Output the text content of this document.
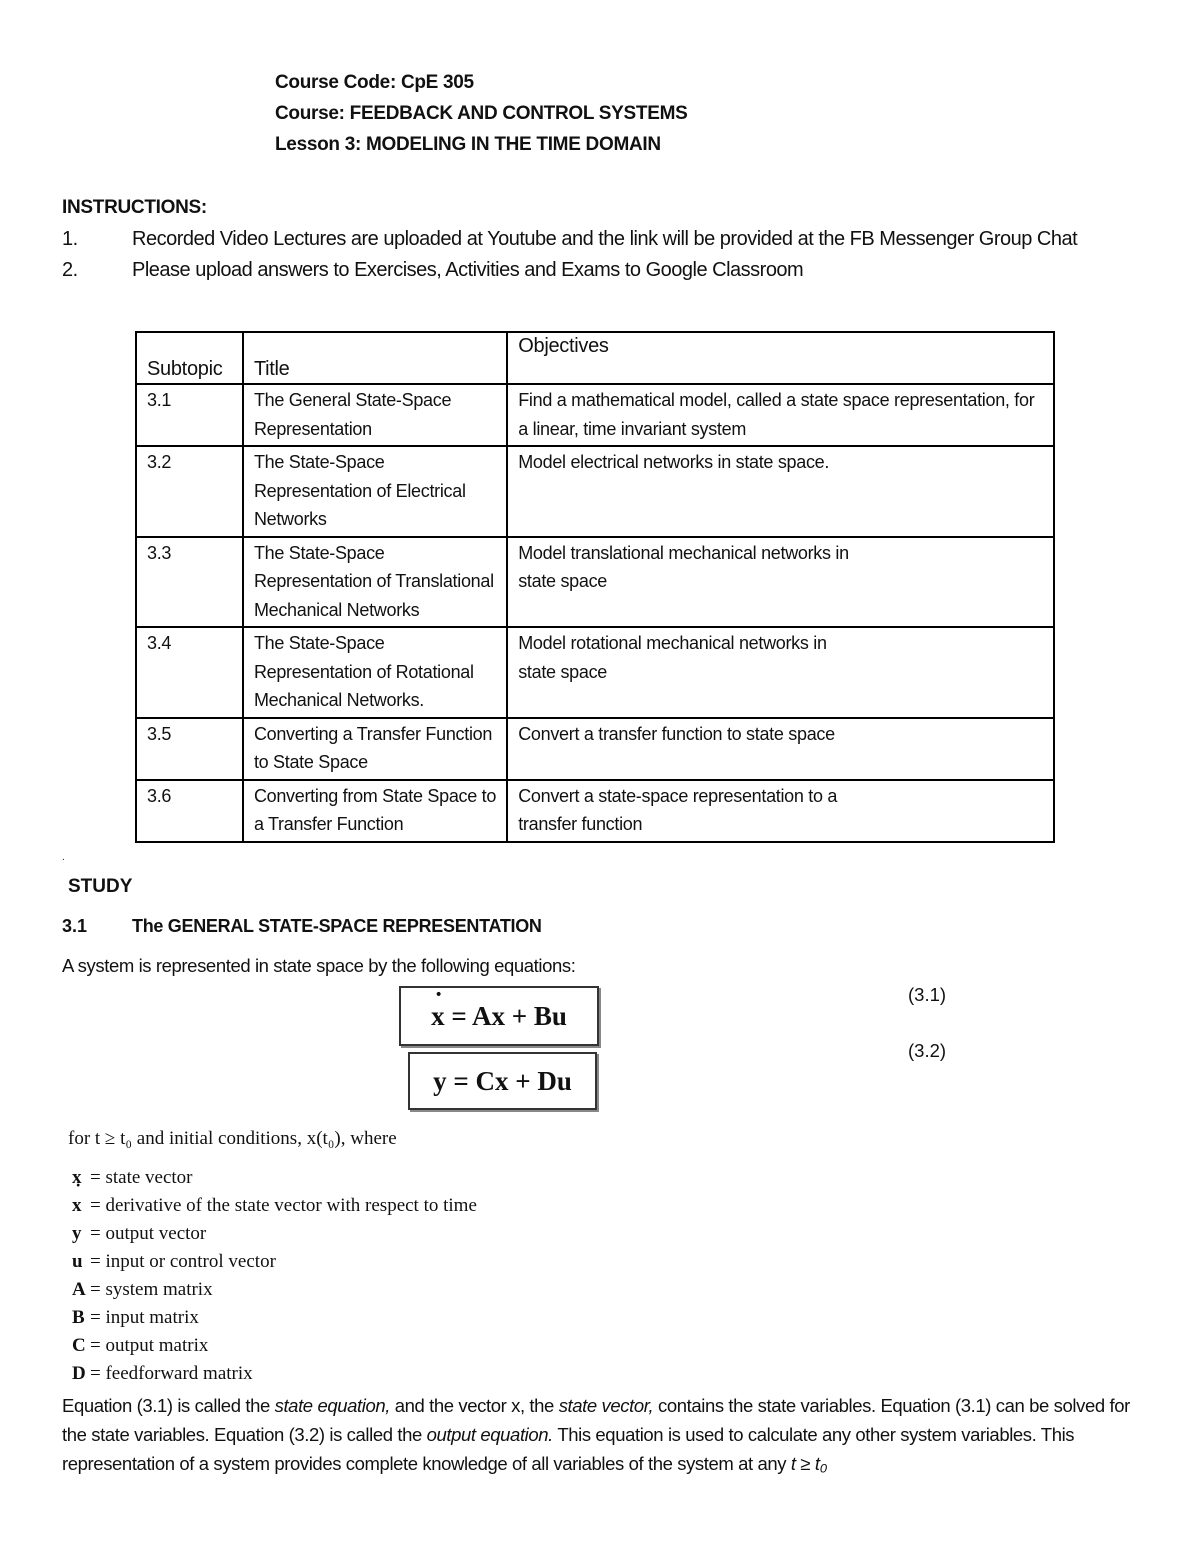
Course Code: CpE 305
Course: FEEDBACK AND CONTROL SYSTEMS
Lesson 3: MODELING IN THE TIME DOMAIN
INSTRUCTIONS:
1.	Recorded Video Lectures are uploaded at Youtube and the link will be provided at the FB Messenger Group Chat
2.	Please upload answers to Exercises, Activities and Exams to Google Classroom
Subtopic	Title	Objectives
3.1	The General State-Space Representation	Find a mathematical model, called a state space representation, for a linear, time invariant system
3.2	The State-Space Representation of Electrical Networks	Model electrical networks in state space.
3.3	The State-Space Representation of Translational Mechanical Networks	Model translational mechanical networks in state space
3.4	The State-Space Representation of Rotational Mechanical Networks.	Model rotational mechanical networks in state space
3.5	Converting a Transfer Function to State Space	Convert a transfer function to state space
3.6	Converting from State Space to a Transfer Function	Convert a state-space representation to a transfer function
.
STUDY
3.1 The GENERAL STATE-SPACE REPRESENTATION
A system is represented in state space by the following equations:
x ˙ = Ax + Bu
y = Cx + Du
(3.1)
(3.2)
for t ≥ t₀ and initial conditions, x(t₀), where
x = state vector
x ˙ = derivative of the state vector with respect to time
y = output vector
u = input or control vector
A = system matrix
B = input matrix
C = output matrix
D = feedforward matrix
Equation (3.1) is called the state equation, and the vector x, the state vector, contains the state variables. Equation (3.1) can be solved for the state variables. Equation (3.2) is called the output equation. This equation is used to calculate any other system variables. This representation of a system provides complete knowledge of all variables of the system at any t ≥ t₀
